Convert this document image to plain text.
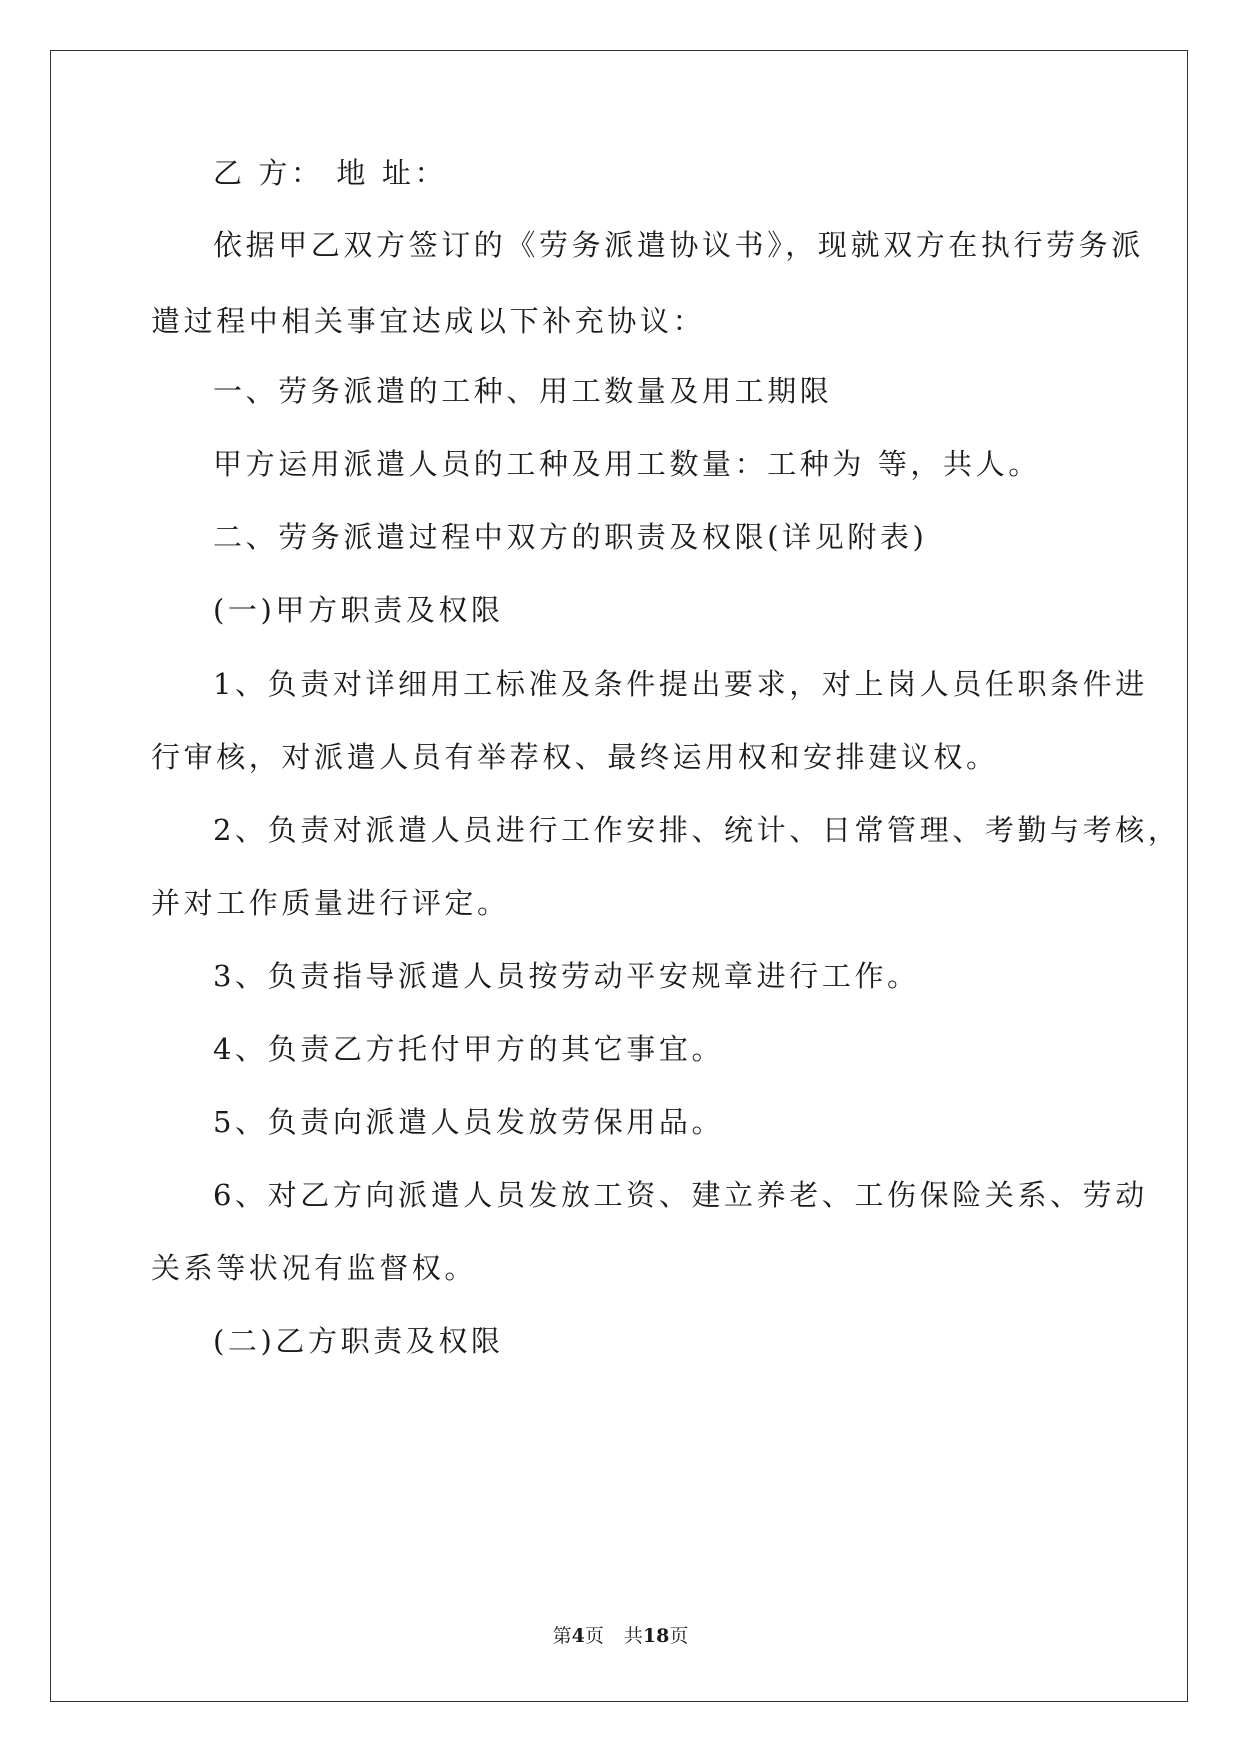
乙 方： 地 址：
依据甲乙双方签订的《劳务派遣协议书》，现就双方在执行劳务派
遣过程中相关事宜达成以下补充协议：
一、劳务派遣的工种、用工数量及用工期限
甲方运用派遣人员的工种及用工数量：工种为 等，共人。
二、劳务派遣过程中双方的职责及权限(详见附表)
(一)甲方职责及权限
1、负责对详细用工标准及条件提出要求，对上岗人员任职条件进
行审核，对派遣人员有举荐权、最终运用权和安排建议权。
2、负责对派遣人员进行工作安排、统计、日常管理、考勤与考核，
并对工作质量进行评定。
3、负责指导派遣人员按劳动平安规章进行工作。
4、负责乙方托付甲方的其它事宜。
5、负责向派遣人员发放劳保用品。
6、对乙方向派遣人员发放工资、建立养老、工伤保险关系、劳动
关系等状况有监督权。
(二)乙方职责及权限
第4页 共18页
